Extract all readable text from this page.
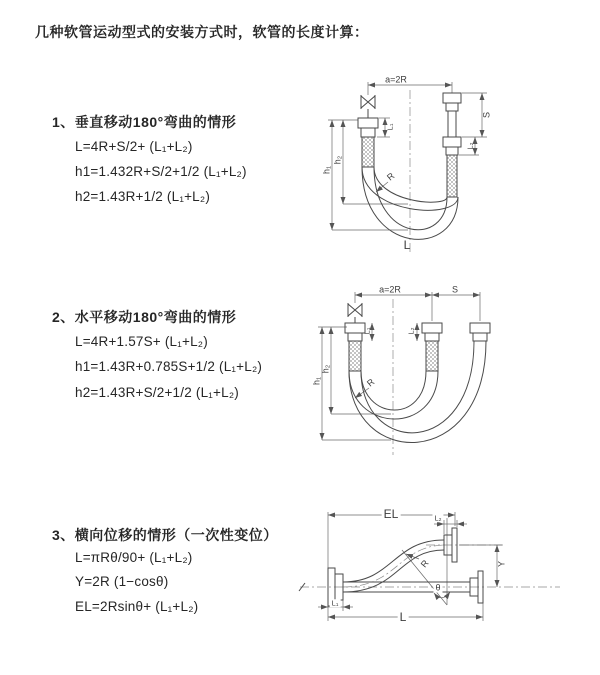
几种软管运动型式的安装方式时，软管的长度计算：
1、垂直移动180°弯曲的情形
L=4R+S/2+ (L₁+L₂)
h1=1.432R+S/2+1/2 (L₁+L₂)
h2=1.43R+1/2 (L₁+L₂)
2、水平移动180°弯曲的情形
L=4R+1.57S+ (L₁+L₂)
h1=1.43R+0.785S+1/2 (L₁+L₂)
h2=1.43R+S/2+1/2 (L₁+L₂)
3、横向位移的情形（一次性变位）
L=πRθ/90+ (L₁+L₂)
Y=2R (1−cosθ)
EL=2Rsinθ+ (L₁+L₂)
a=2R
S
L₂
L₁
h₁
h₂
R
L
a=2R	S
L₁	L₂
h₁
h₂
R
EL	L₂
Y
R
θ
L
L₁
